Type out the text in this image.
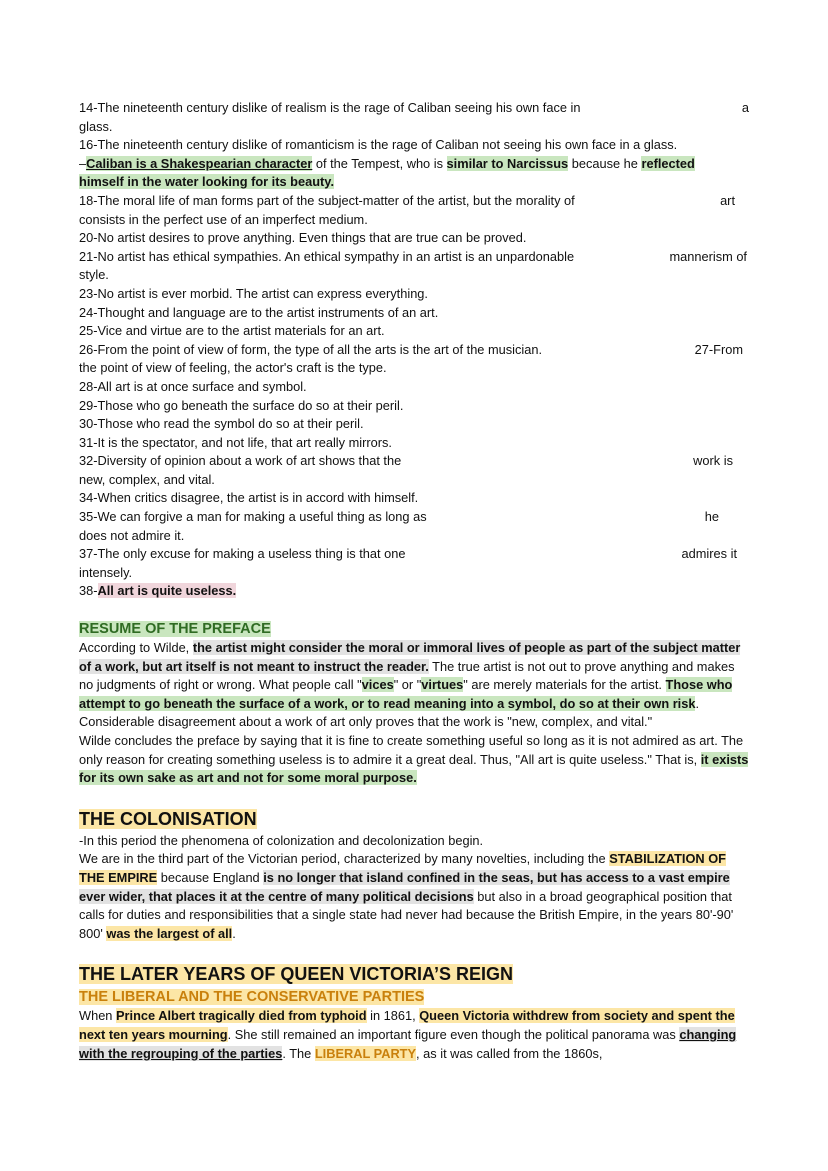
14-The nineteenth century dislike of realism is the rage of Caliban seeing his own face in	a
glass.
16-The nineteenth century dislike of romanticism is the rage of Caliban not seeing his own face in a glass.
–Caliban is a Shakespearian character of the Tempest, who is similar to Narcissus because he reflected
himself in the water looking for its beauty.
18-The moral life of man forms part of the subject-matter of the artist, but the morality of	art
consists in the perfect use of an imperfect medium.
20-No artist desires to prove anything. Even things that are true can be proved.
21-No artist has ethical sympathies. An ethical sympathy in an artist is an unpardonable	mannerism of
style.
23-No artist is ever morbid. The artist can express everything.
24-Thought and language are to the artist instruments of an art.
25-Vice and virtue are to the artist materials for an art.
26-From the point of view of form, the type of all the arts is the art of the musician.	27-From
the point of view of feeling, the actor's craft is the type.
28-All art is at once surface and symbol.
29-Those who go beneath the surface do so at their peril.
30-Those who read the symbol do so at their peril.
31-It is the spectator, and not life, that art really mirrors.
32-Diversity of opinion about a work of art shows that the	work is
new, complex, and vital.
34-When critics disagree, the artist is in accord with himself.
35-We can forgive a man for making a useful thing as long as	he
does not admire it.
37-The only excuse for making a useless thing is that one	admires it
intensely.
38-All art is quite useless.
RESUME OF THE PREFACE
According to Wilde, the artist might consider the moral or immoral lives of people as part of the subject matter of a work, but art itself is not meant to instruct the reader. The true artist is not out to prove anything and makes no judgments of right or wrong. What people call "vices" or "virtues" are merely materials for the artist. Those who attempt to go beneath the surface of a work, or to read meaning into a symbol, do so at their own risk. Considerable disagreement about a work of art only proves that the work is "new, complex, and vital."
Wilde concludes the preface by saying that it is fine to create something useful so long as it is not admired as art. The only reason for creating something useless is to admire it a great deal. Thus, "All art is quite useless." That is, it exists for its own sake as art and not for some moral purpose.
THE COLONISATION
-In this period the phenomena of colonization and decolonization begin.
We are in the third part of the Victorian period, characterized by many novelties, including the STABILIZATION OF THE EMPIRE because England is no longer that island confined in the seas, but has access to a vast empire ever wider, that places it at the centre of many political decisions but also in a broad geographical position that calls for duties and responsibilities that a single state had never had because the British Empire, in the years 80'-90' 800' was the largest of all.
THE LATER YEARS OF QUEEN VICTORIA’S REIGN
THE LIBERAL AND THE CONSERVATIVE PARTIES
When Prince Albert tragically died from typhoid in 1861, Queen Victoria withdrew from society and spent the next ten years mourning. She still remained an important figure even though the political panorama was changing with the regrouping of the parties. The LIBERAL PARTY, as it was called from the 1860s,
